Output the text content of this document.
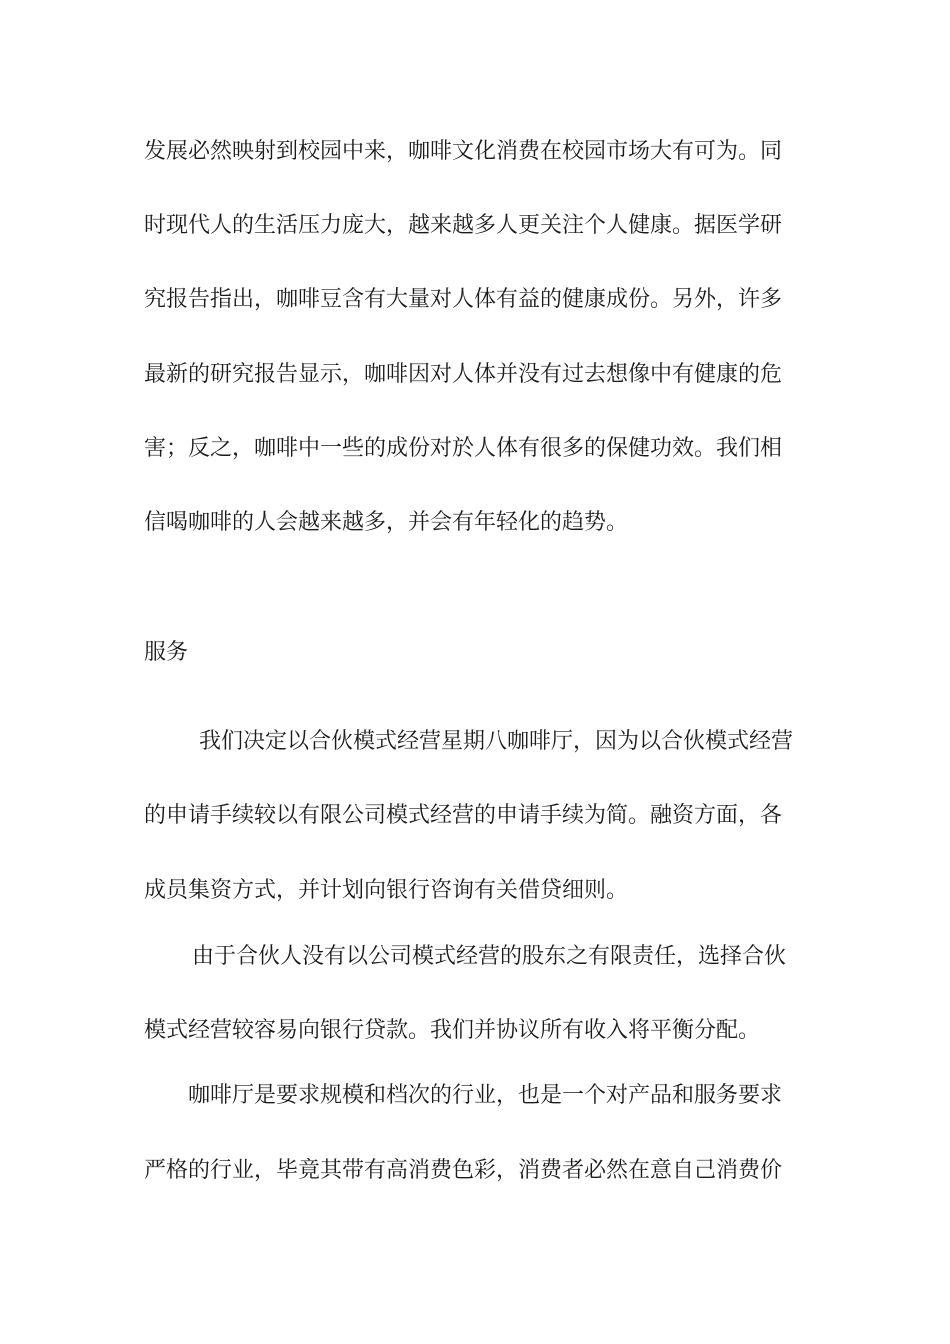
发展必然映射到校园中来，咖啡文化消费在校园市场大有可为。同
时现代人的生活压力庞大，越来越多人更关注个人健康。据医学研
究报告指出，咖啡豆含有大量对人体有益的健康成份。另外，许多
最新的研究报告显示，咖啡因对人体并没有过去想像中有健康的危
害；反之，咖啡中一些的成份对於人体有很多的保健功效。我们相
信喝咖啡的人会越来越多，并会有年轻化的趋势。
服务
我们决定以合伙模式经营星期八咖啡厅，因为以合伙模式经营
的申请手续较以有限公司模式经营的申请手续为简。融资方面，各
成员集资方式，并计划向银行咨询有关借贷细则。
由于合伙人没有以公司模式经营的股东之有限责任，选择合伙
模式经营较容易向银行贷款。我们并协议所有收入将平衡分配。
咖啡厅是要求规模和档次的行业，也是一个对产品和服务要求
严格的行业，毕竟其带有高消费色彩，消费者必然在意自己消费价
